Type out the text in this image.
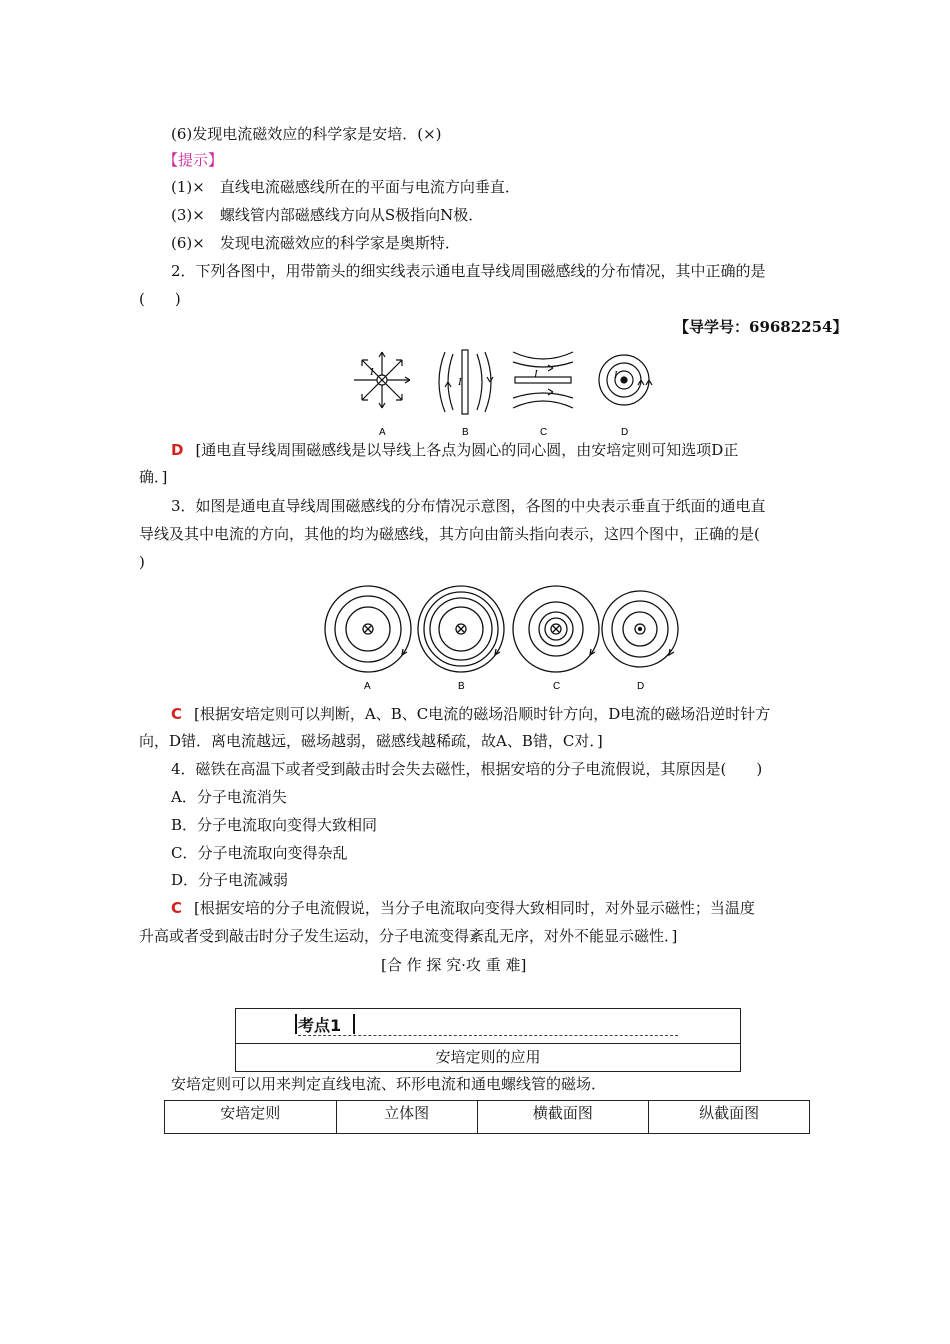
(6)发现电流磁效应的科学家是安培．(×)
【提示】
(1)×　直线电流磁感线所在的平面与电流方向垂直．
(3)×　螺线管内部磁感线方向从S极指向N极．
(6)×　发现电流磁效应的科学家是奥斯特．
2．下列各图中，用带箭头的细实线表示通电直导线周围磁感线的分布情况，其中正确的是
(　　)
【导学号：69682254】
I
I
I	I
A	B	C	D
D [通电直导线周围磁感线是以导线上各点为圆心的同心圆，由安培定则可知选项D正
确．]
3．如图是通电直导线周围磁感线的分布情况示意图，各图的中央表示垂直于纸面的通电直
导线及其中电流的方向，其他的均为磁感线，其方向由箭头指向表示，这四个图中，正确的是(
)
A	B	C	D
C [根据安培定则可以判断，A、B、C电流的磁场沿顺时针方向，D电流的磁场沿逆时针方
向，D错．离电流越远，磁场越弱，磁感线越稀疏，故A、B错，C对．]
4．磁铁在高温下或者受到敲击时会失去磁性，根据安培的分子电流假说，其原因是(　　)
A．分子电流消失
B．分子电流取向变得大致相同
C．分子电流取向变得杂乱
D．分子电流减弱
C [根据安培的分子电流假说，当分子电流取向变得大致相同时，对外显示磁性；当温度
升高或者受到敲击时分子发生运动，分子电流变得紊乱无序，对外不能显示磁性．]
[合 作 探 究·攻 重 难]
考点1
安培定则的应用
安培定则可以用来判定直线电流、环形电流和通电螺线管的磁场．
安培定则	立体图	横截面图	纵截面图
